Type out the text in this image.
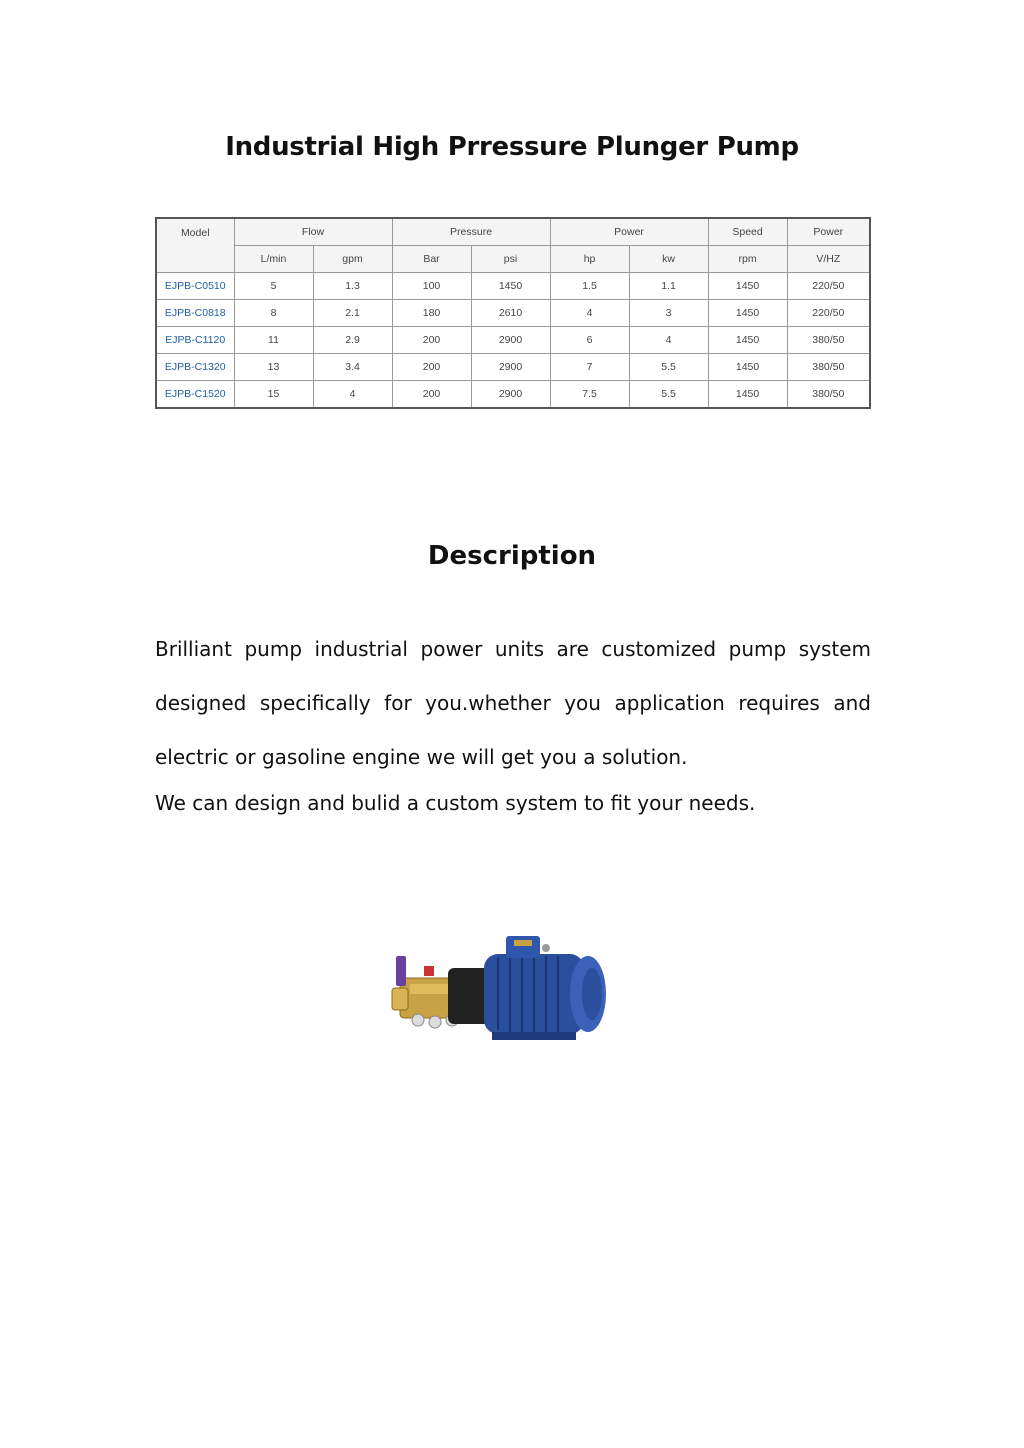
Industrial High Prressure Plunger Pump
Model	Flow		Pressure		Power		Speed	Power
	L/min	gpm	Bar	psi	hp	kw	rpm	V/HZ
EJPB-C0510	5	1.3	100	1450	1.5	1.1	1450	220/50
EJPB-C0818	8	2.1	180	2610	4	3	1450	220/50
EJPB-C1120	11	2.9	200	2900	6	4	1450	380/50
EJPB-C1320	13	3.4	200	2900	7	5.5	1450	380/50
EJPB-C1520	15	4	200	2900	7.5	5.5	1450	380/50
Description

Brilliant pump industrial power units are customized pump system designed specifically for you.whether you application requires and electric or gasoline engine we will get you a solution.

We can design and bulid a custom system to fit your needs.
